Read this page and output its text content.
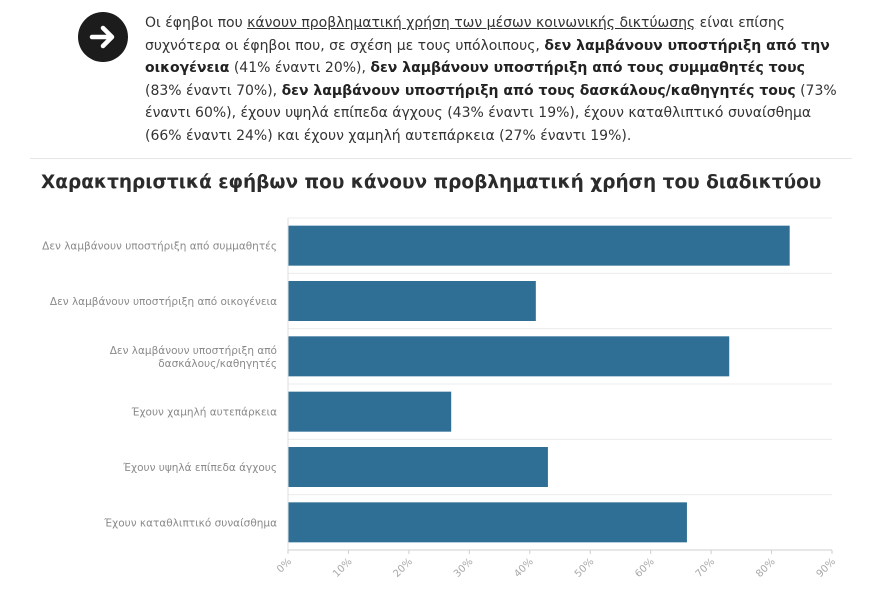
Οι έφηβοι που κάνουν προβληματική χρήση των μέσων κοινωνικής δικτύωσης είναι επίσης συχνότερα οι έφηβοι που, σε σχέση με τους υπόλοιπους, δεν λαμβάνουν υποστήριξη από την οικογένεια (41% έναντι 20%), δεν λαμβάνουν υποστήριξη από τους συμμαθητές τους (83% έναντι 70%), δεν λαμβάνουν υποστήριξη από τους δασκάλους/καθηγητές τους (73% έναντι 60%), έχουν υψηλά επίπεδα άγχους (43% έναντι 19%), έχουν καταθλιπτικό συναίσθημα (66% έναντι 24%) και έχουν χαμηλή αυτεπάρκεια (27% έναντι 19%).
Χαρακτηριστικά εφήβων που κάνουν προβληματική χρήση του διαδικτύου
Δεν λαμβάνουν υποστήριξη από συμμαθητές
Δεν λαμβάνουν υποστήριξη από οικογένεια
Δεν λαμβάνουν υποστήριξη από
δασκάλους/καθηγητές
Έχουν χαμηλή αυτεπάρκεια
Έχουν υψηλά επίπεδα άγχους
Έχουν καταθλιπτικό συναίσθημα
0%	10%	20%	30%	40%	50%	60%	70%	80%	90%
